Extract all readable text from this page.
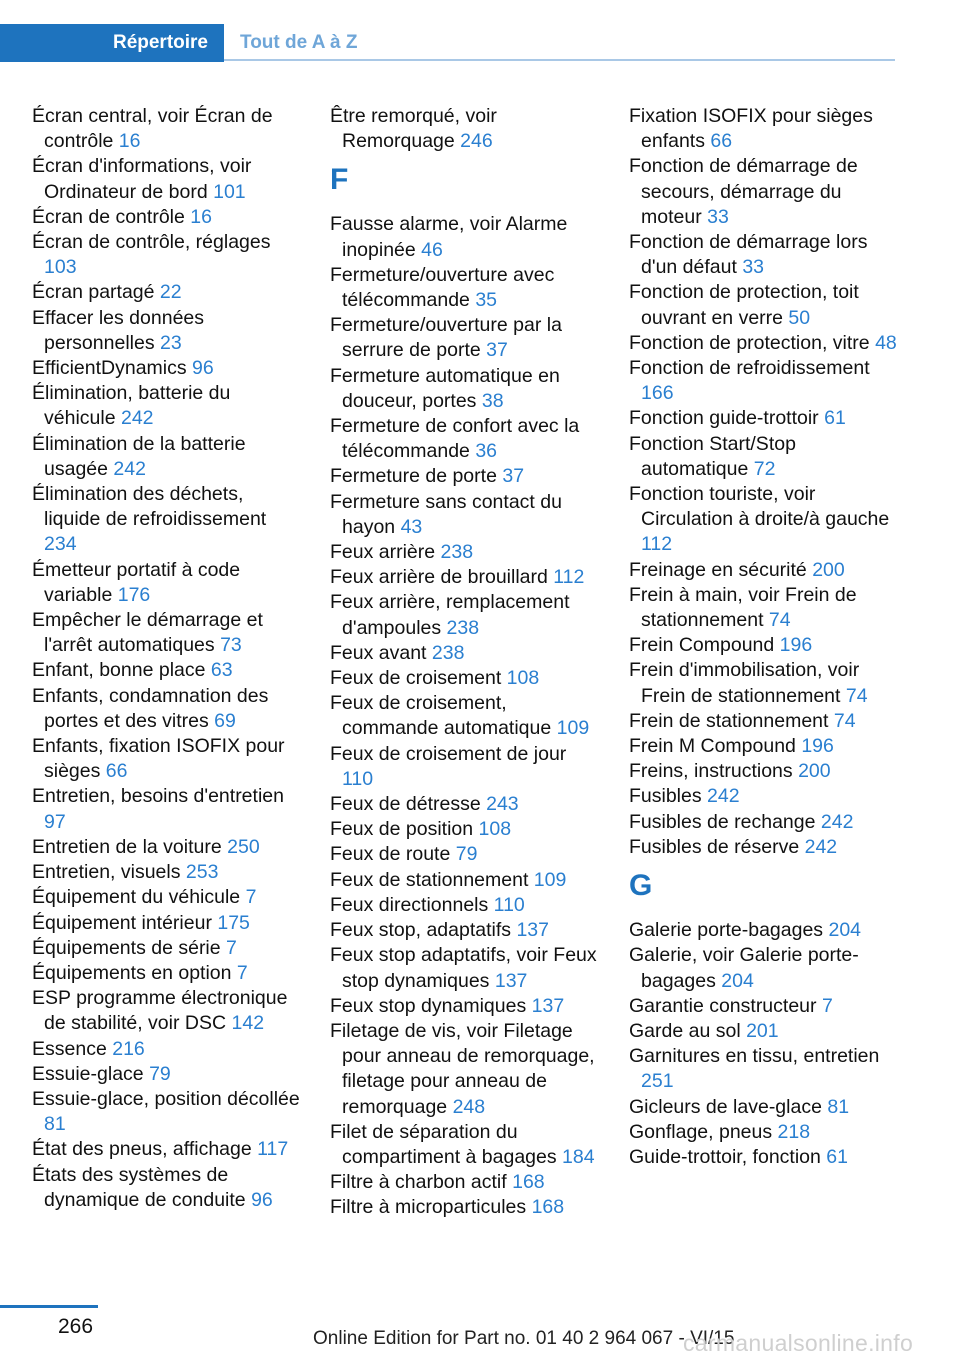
Répertoire	Tout de A à Z
Écran central, voir Écran de contrôle 16
Écran d'informations, voir Ordinateur de bord 101
Écran de contrôle 16
Écran de contrôle, réglages 103
Écran partagé 22
Effacer les données personnelles 23
EfficientDynamics 96
Élimination, batterie du véhicule 242
Élimination de la batterie usagée 242
Élimination des déchets, liquide de refroidissement 234
Émetteur portatif à code variable 176
Empêcher le démarrage et l'arrêt automatiques 73
Enfant, bonne place 63
Enfants, condamnation des portes et des vitres 69
Enfants, fixation ISOFIX pour sièges 66
Entretien, besoins d'entretien 97
Entretien de la voiture 250
Entretien, visuels 253
Équipement du véhicule 7
Équipement intérieur 175
Équipements de série 7
Équipements en option 7
ESP programme électronique de stabilité, voir DSC 142
Essence 216
Essuie-glace 79
Essuie-glace, position décollée 81
État des pneus, affichage 117
États des systèmes de dynamique de conduite 96
Être remorqué, voir Remorquage 246
F
Fausse alarme, voir Alarme inopinée 46
Fermeture/ouverture avec télécommande 35
Fermeture/ouverture par la serrure de porte 37
Fermeture automatique en douceur, portes 38
Fermeture de confort avec la télécommande 36
Fermeture de porte 37
Fermeture sans contact du hayon 43
Feux arrière 238
Feux arrière de brouillard 112
Feux arrière, remplacement d'ampoules 238
Feux avant 238
Feux de croisement 108
Feux de croisement, commande automatique 109
Feux de croisement de jour 110
Feux de détresse 243
Feux de position 108
Feux de route 79
Feux de stationnement 109
Feux directionnels 110
Feux stop, adaptatifs 137
Feux stop adaptatifs, voir Feux stop dynamiques 137
Feux stop dynamiques 137
Filetage de vis, voir Filetage pour anneau de remorquage, filetage pour anneau de remorquage 248
Filet de séparation du compartiment à bagages 184
Filtre à charbon actif 168
Filtre à microparticules 168
Fixation ISOFIX pour sièges enfants 66
Fonction de démarrage de secours, démarrage du moteur 33
Fonction de démarrage lors d'un défaut 33
Fonction de protection, toit ouvrant en verre 50
Fonction de protection, vitre 48
Fonction de refroidissement 166
Fonction guide-trottoir 61
Fonction Start/Stop automatique 72
Fonction touriste, voir Circulation à droite/à gauche 112
Freinage en sécurité 200
Frein à main, voir Frein de stationnement 74
Frein Compound 196
Frein d'immobilisation, voir Frein de stationnement 74
Frein de stationnement 74
Frein M Compound 196
Freins, instructions 200
Fusibles 242
Fusibles de rechange 242
Fusibles de réserve 242
G
Galerie porte-bagages 204
Galerie, voir Galerie porte-bagages 204
Garantie constructeur 7
Garde au sol 201
Garnitures en tissu, entretien 251
Gicleurs de lave-glace 81
Gonflage, pneus 218
Guide-trottoir, fonction 61
266
Online Edition for Part no. 01 40 2 964 067 - VI/15
carmanualsonline.info
